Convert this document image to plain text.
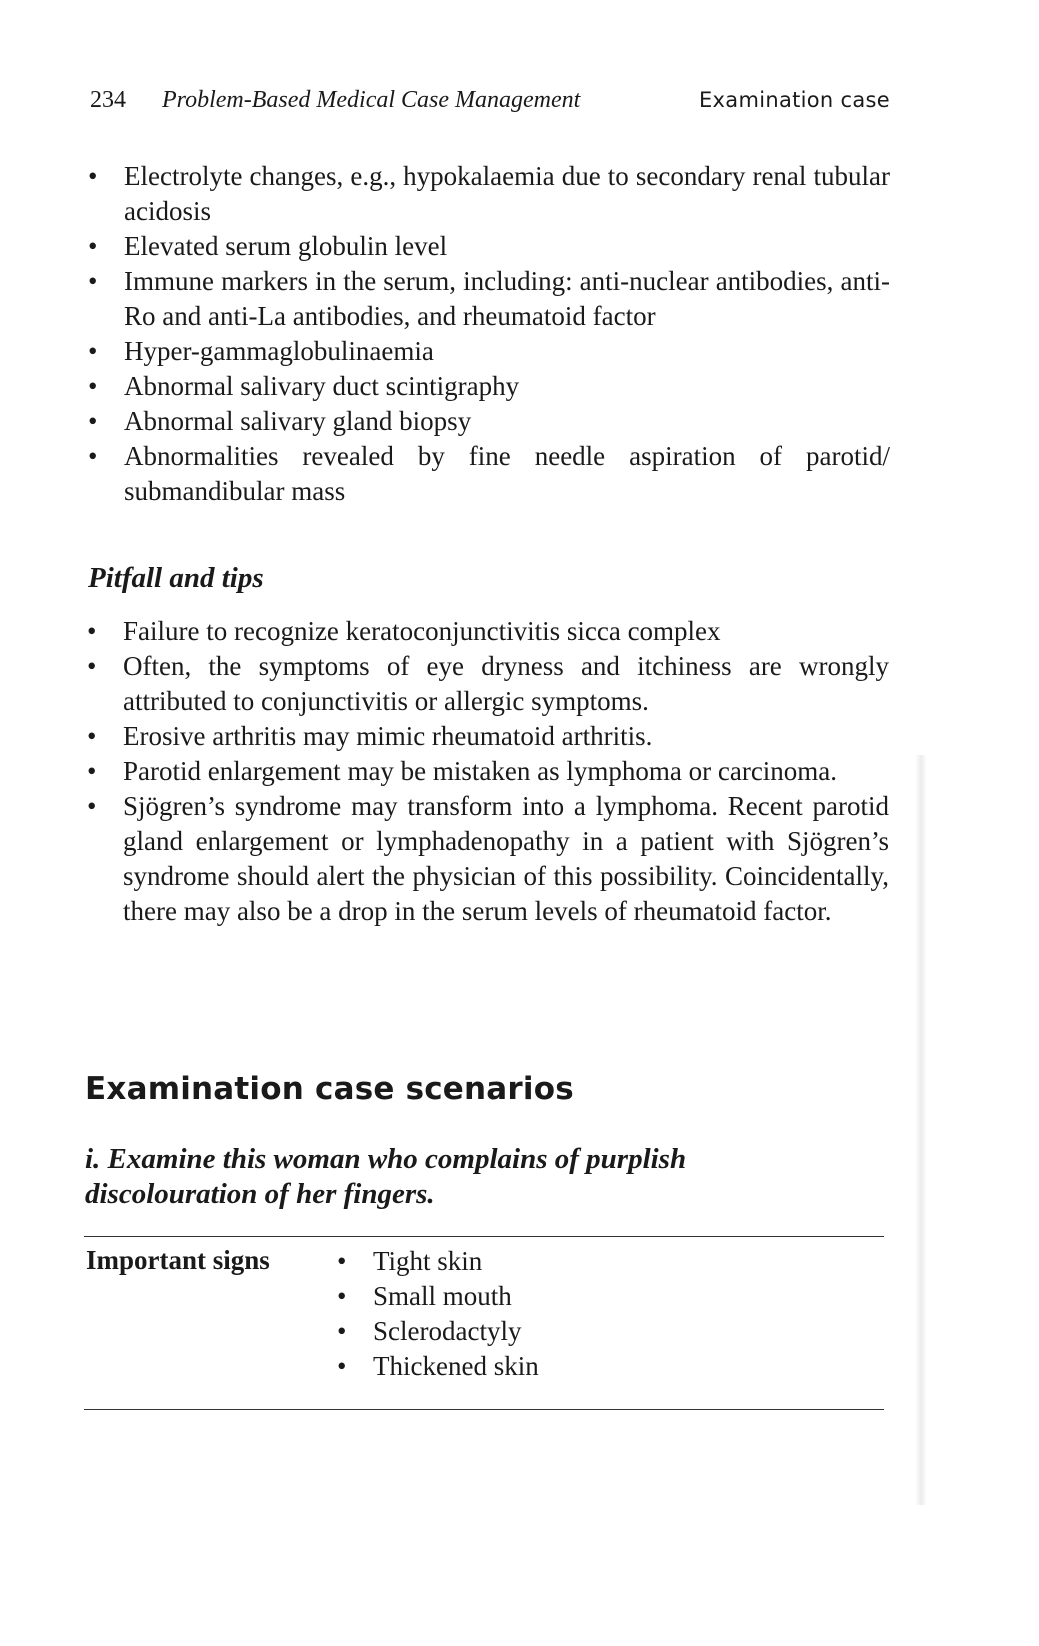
234 Problem-Based Medical Case Management	Examination case
• Electrolyte changes, e.g., hypokalaemia due to secondary renal tubular acidosis
• Elevated serum globulin level
• Immune markers in the serum, including: anti-nuclear antibodies, anti-Ro and anti-La antibodies, and rheumatoid factor
• Hyper-gammaglobulinaemia
• Abnormal salivary duct scintigraphy
• Abnormal salivary gland biopsy
• Abnormalities revealed by fine needle aspiration of parotid/ submandibular mass
Pitfall and tips
• Failure to recognize keratoconjunctivitis sicca complex
• Often, the symptoms of eye dryness and itchiness are wrongly attributed to conjunctivitis or allergic symptoms.
• Erosive arthritis may mimic rheumatoid arthritis.
• Parotid enlargement may be mistaken as lymphoma or carcinoma.
• Sjögren’s syndrome may transform into a lymphoma. Recent parotid gland enlargement or lymphadenopathy in a patient with Sjögren’s syndrome should alert the physician of this possibility. Coincidentally, there may also be a drop in the serum levels of rheumatoid factor.
Examination case scenarios
i. Examine this woman who complains of purplish discolouration of her fingers.
Important signs • Tight skin
• Small mouth
• Sclerodactyly
• Thickened skin
